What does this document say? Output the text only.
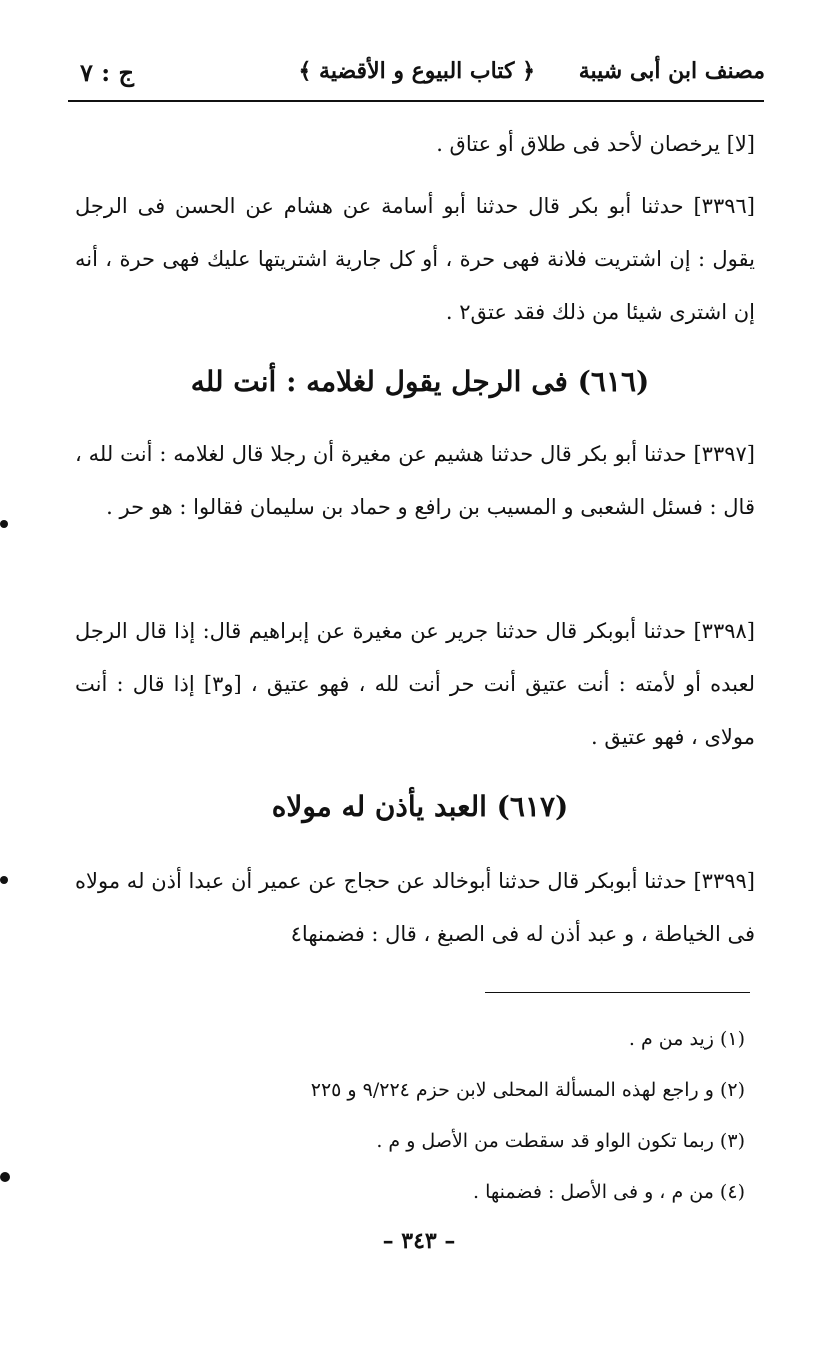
مصنف ابن أبى شيبة
﴿ كتاب البيوع و الأقضية ﴾
ج : ٧
[لا] يرخصان لأحد فى طلاق أو عتاق .
[٣٣٩٦] حدثنا أبو بكر قال حدثنا أبو أسامة عن هشام عن الحسن فى الرجل يقول : إن اشتريت فلانة فهى حرة ، أو كل جارية اشتريتها عليك فهى حرة ، أنه إن اشترى شيئا من ذلك فقد عتق٢ .
(٦١٦) فى الرجل يقول لغلامه : أنت لله
[٣٣٩٧] حدثنا أبو بكر قال حدثنا هشيم عن مغيرة أن رجلا قال لغلامه : أنت لله ، قال : فسئل الشعبى و المسيب بن رافع و حماد بن سليمان فقالوا : هو حر .
[٣٣٩٨] حدثنا أبوبكر قال حدثنا جرير عن مغيرة عن إبراهيم قال: إذا قال الرجل لعبده أو لأمته : أنت عتيق أنت حر أنت لله ، فهو عتيق ، [و٣] إذا قال : أنت مولاى ، فهو عتيق .
(٦١٧) العبد يأذن له مولاه
[٣٣٩٩] حدثنا أبوبكر قال حدثنا أبوخالد عن حجاج عن عمير أن عبدا أذن له مولاه فى الخياطة ، و عبد أذن له فى الصبغ ، قال : فضمنها٤
(١) زيد من م .
(٢) و راجع لهذه المسألة المحلى لابن حزم ٩/٢٢٤ و ٢٢٥
(٣) ربما تكون الواو قد سقطت من الأصل و م .
(٤) من م ، و فى الأصل : فضمنها .
– ٣٤٣ –
